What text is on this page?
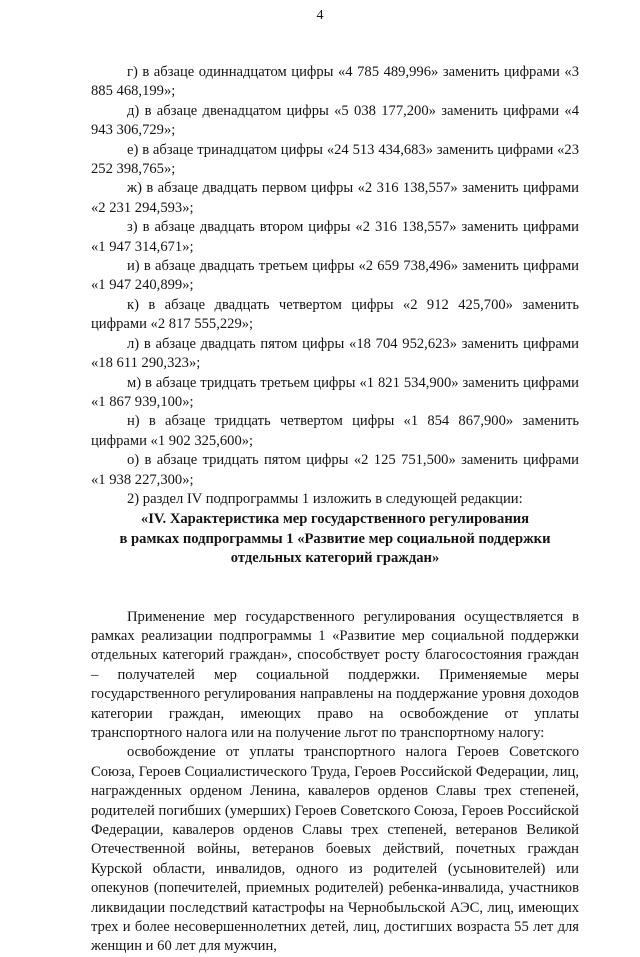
4

г) в абзаце одиннадцатом цифры «4 785 489,996» заменить цифрами «3 885 468,199»;

д) в абзаце двенадцатом цифры «5 038 177,200» заменить цифрами «4 943 306,729»;

е) в абзаце тринадцатом цифры «24 513 434,683» заменить цифрами «23 252 398,765»;

ж) в абзаце двадцать первом цифры «2 316 138,557» заменить цифрами «2 231 294,593»;

з) в абзаце двадцать втором цифры «2 316 138,557» заменить цифрами «1 947 314,671»;

и) в абзаце двадцать третьем цифры «2 659 738,496» заменить цифрами «1 947 240,899»;

к) в абзаце двадцать четвертом цифры «2 912 425,700» заменить цифрами «2 817 555,229»;

л) в абзаце двадцать пятом цифры «18 704 952,623» заменить цифрами «18 611 290,323»;

м) в абзаце тридцать третьем цифры «1 821 534,900» заменить цифрами «1 867 939,100»;

н) в абзаце тридцать четвертом цифры «1 854 867,900» заменить цифрами «1 902 325,600»;

о) в абзаце тридцать пятом цифры «2 125 751,500» заменить цифрами «1 938 227,300»;

2) раздел IV подпрограммы 1 изложить в следующей редакции:

«IV. Характеристика мер государственного регулирования
в рамках подпрограммы 1 «Развитие мер социальной поддержки
отдельных категорий граждан»

Применение мер государственного регулирования осуществляется в рамках реализации подпрограммы 1 «Развитие мер социальной поддержки отдельных категорий граждан», способствует росту благосостояния граждан – получателей мер социальной поддержки. Применяемые меры государственного регулирования направлены на поддержание уровня доходов категории граждан, имеющих право на освобождение от уплаты транспортного налога или на получение льгот по транспортному налогу:

освобождение от уплаты транспортного налога Героев Советского Союза, Героев Социалистического Труда, Героев Российской Федерации, лиц, награжденных орденом Ленина, кавалеров орденов Славы трех степеней, родителей погибших (умерших) Героев Советского Союза, Героев Российской Федерации, кавалеров орденов Славы трех степеней, ветеранов Великой Отечественной войны, ветеранов боевых действий, почетных граждан Курской области, инвалидов, одного из родителей (усыновителей) или опекунов (попечителей, приемных родителей) ребенка-инвалида, участников ликвидации последствий катастрофы на Чернобыльской АЭС, лиц, имеющих трех и более несовершеннолетних детей, лиц, достигших возраста 55 лет для женщин и 60 лет для мужчин,
